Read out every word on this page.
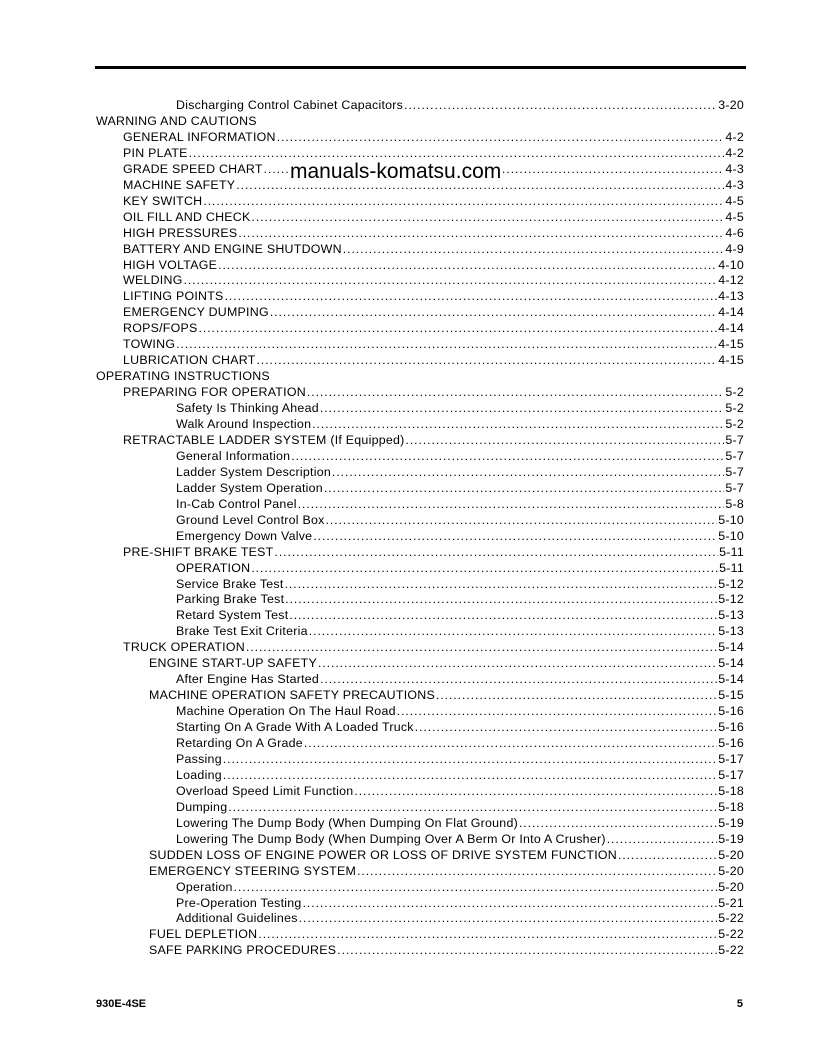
Discharging Control Cabinet Capacitors .....	3-20
WARNING AND CAUTIONS
GENERAL INFORMATION .....	4-2
PIN PLATE .....	4-2
GRADE SPEED CHART .....	4-3
MACHINE SAFETY .....	4-3
KEY SWITCH .....	4-5
OIL FILL AND CHECK .....	4-5
HIGH PRESSURES .....	4-6
BATTERY AND ENGINE SHUTDOWN .....	4-9
HIGH VOLTAGE .....	4-10
WELDING .....	4-12
LIFTING POINTS .....	4-13
EMERGENCY DUMPING .....	4-14
ROPS/FOPS .....	4-14
TOWING .....	4-15
LUBRICATION CHART .....	4-15
OPERATING INSTRUCTIONS
PREPARING FOR OPERATION .....	5-2
Safety Is Thinking Ahead .....	5-2
Walk Around Inspection .....	5-2
RETRACTABLE LADDER SYSTEM (If Equipped) .....	5-7
General Information .....	5-7
Ladder System Description .....	5-7
Ladder System Operation .....	5-7
In-Cab Control Panel .....	5-8
Ground Level Control Box .....	5-10
Emergency Down Valve .....	5-10
PRE-SHIFT BRAKE TEST .....	5-11
OPERATION .....	5-11
Service Brake Test .....	5-12
Parking Brake Test .....	5-12
Retard System Test .....	5-13
Brake Test Exit Criteria .....	5-13
TRUCK OPERATION .....	5-14
ENGINE START-UP SAFETY .....	5-14
After Engine Has Started .....	5-14
MACHINE OPERATION SAFETY PRECAUTIONS .....	5-15
Machine Operation On The Haul Road .....	5-16
Starting On A Grade With A Loaded Truck .....	5-16
Retarding On A Grade .....	5-16
Passing .....	5-17
Loading .....	5-17
Overload Speed Limit Function .....	5-18
Dumping .....	5-18
Lowering The Dump Body (When Dumping On Flat Ground) .....	5-19
Lowering The Dump Body (When Dumping Over A Berm Or Into A Crusher) .....	5-19
SUDDEN LOSS OF ENGINE POWER OR LOSS OF DRIVE SYSTEM FUNCTION .....	5-20
EMERGENCY STEERING SYSTEM .....	5-20
Operation .....	5-20
Pre-Operation Testing .....	5-21
Additional Guidelines .....	5-22
FUEL DEPLETION .....	5-22
SAFE PARKING PROCEDURES .....	5-22
manuals-komatsu.com
930E-4SE	5
